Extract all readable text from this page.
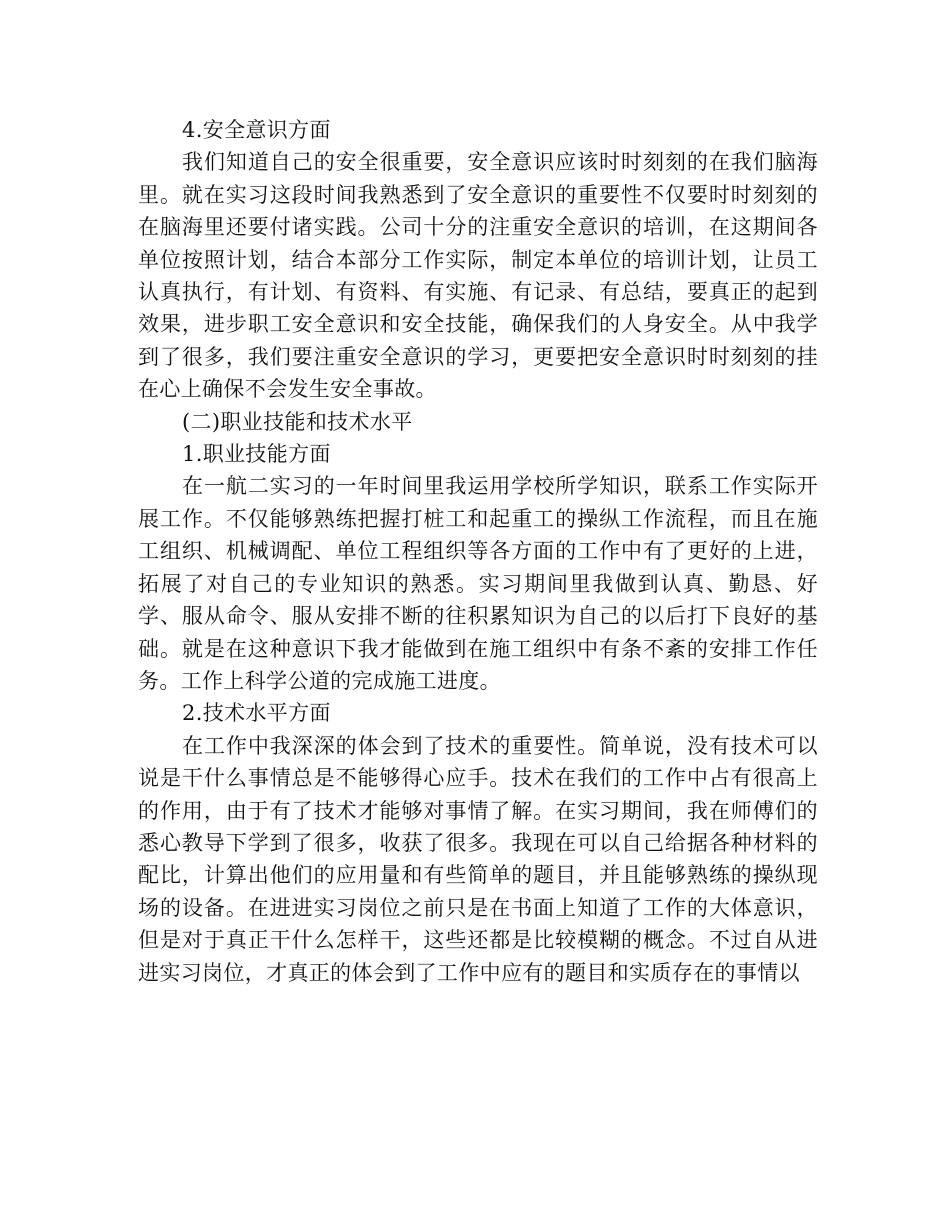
4.安全意识方面

我们知道自己的安全很重要，安全意识应该时时刻刻的在我们脑海里。就在实习这段时间我熟悉到了安全意识的重要性不仅要时时刻刻的在脑海里还要付诸实践。公司十分的注重安全意识的培训，在这期间各单位按照计划，结合本部分工作实际，制定本单位的培训计划，让员工认真执行，有计划、有资料、有实施、有记录、有总结，要真正的起到效果，进步职工安全意识和安全技能，确保我们的人身安全。从中我学到了很多，我们要注重安全意识的学习，更要把安全意识时时刻刻的挂在心上确保不会发生安全事故。

(二)职业技能和技术水平

1.职业技能方面

在一航二实习的一年时间里我运用学校所学知识，联系工作实际开展工作。不仅能够熟练把握打桩工和起重工的操纵工作流程，而且在施工组织、机械调配、单位工程组织等各方面的工作中有了更好的上进，拓展了对自己的专业知识的熟悉。实习期间里我做到认真、勤恳、好学、服从命令、服从安排不断的往积累知识为自己的以后打下良好的基础。就是在这种意识下我才能做到在施工组织中有条不紊的安排工作任务。工作上科学公道的完成施工进度。

2.技术水平方面

在工作中我深深的体会到了技术的重要性。简单说，没有技术可以说是干什么事情总是不能够得心应手。技术在我们的工作中占有很高上的作用，由于有了技术才能够对事情了解。在实习期间，我在师傅们的悉心教导下学到了很多，收获了很多。我现在可以自己给据各种材料的配比，计算出他们的应用量和有些简单的题目，并且能够熟练的操纵现场的设备。在进进实习岗位之前只是在书面上知道了工作的大体意识，但是对于真正干什么怎样干，这些还都是比较模糊的概念。不过自从进进实习岗位，才真正的体会到了工作中应有的题目和实质存在的事情以
